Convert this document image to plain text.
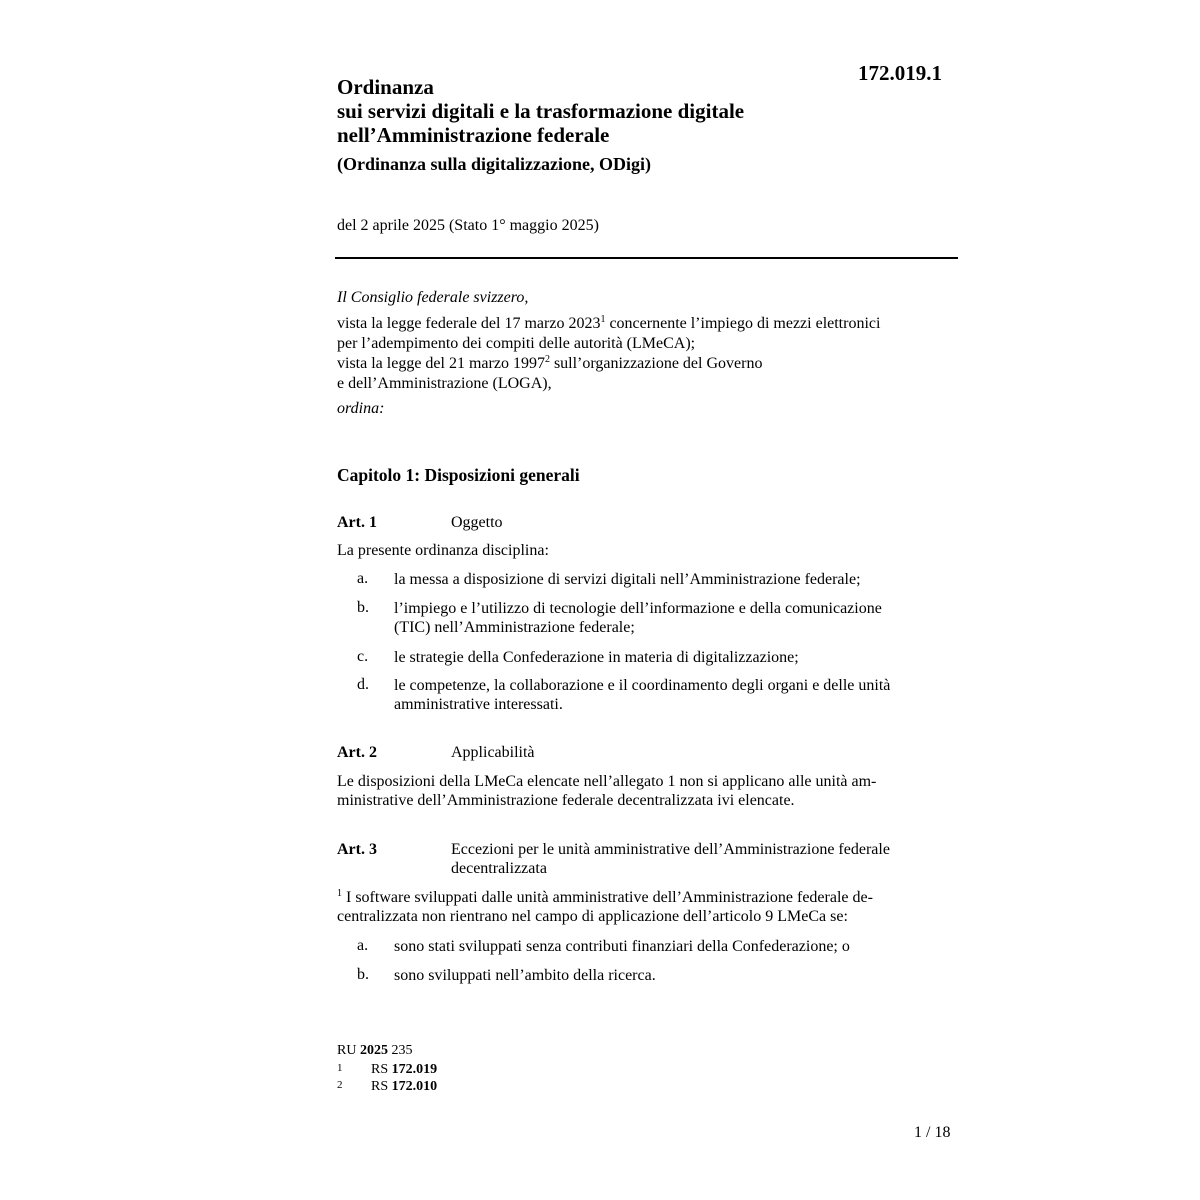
172.019.1
Ordinanza
sui servizi digitali e la trasformazione digitale
nell’Amministrazione federale
(Ordinanza sulla digitalizzazione, ODigi)
del 2 aprile 2025 (Stato 1° maggio 2025)
Il Consiglio federale svizzero,
vista la legge federale del 17 marzo 2023$^1$ concernente l’impiego di mezzi elettronici
per l’adempimento dei compiti delle autorità (LMeCA);
vista la legge del 21 marzo 1997$^2$ sull’organizzazione del Governo
e dell’Amministrazione (LOGA),
ordina:
Capitolo 1: Disposizioni generali
Art. 1	Oggetto
La presente ordinanza disciplina:
a. la messa a disposizione di servizi digitali nell’Amministrazione federale;
b. l’impiego e l’utilizzo di tecnologie dell’informazione e della comunicazione
(TIC) nell’Amministrazione federale;
c. le strategie della Confederazione in materia di digitalizzazione;
d. le competenze, la collaborazione e il coordinamento degli organi e delle unità
amministrative interessati.
Art. 2	Applicabilità
Le disposizioni della LMeCa elencate nell’allegato 1 non si applicano alle unità am-
ministrative dell’Amministrazione federale decentralizzata ivi elencate.
Art. 3	Eccezioni per le unità amministrative dell’Amministrazione federale
decentralizzata
$^1$ I software sviluppati dalle unità amministrative dell’Amministrazione federale de-
centralizzata non rientrano nel campo di applicazione dell’articolo 9 LMeCa se:
a. sono stati sviluppati senza contributi finanziari della Confederazione; o
b. sono sviluppati nell’ambito della ricerca.
RU 2025 235
1 RS 172.019
2 RS 172.010
1 / 18
